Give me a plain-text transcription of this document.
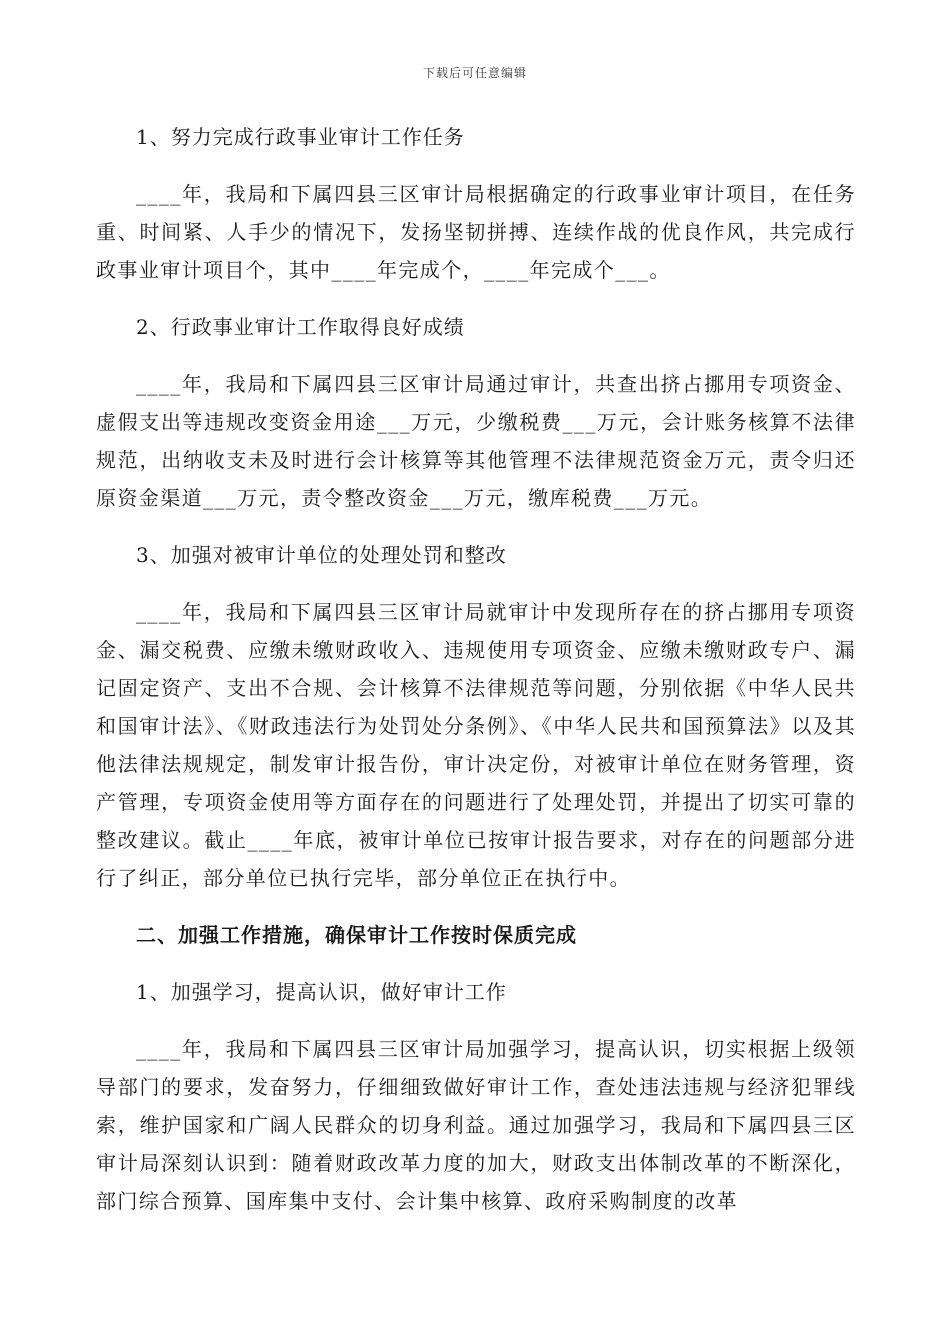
下载后可任意编辑
1、努力完成行政事业审计工作任务

____年，我局和下属四县三区审计局根据确定的行政事业审计项目，在任务重、时间紧、人手少的情况下，发扬坚韧拼搏、连续作战的优良作风，共完成行政事业审计项目个，其中____年完成个，____年完成个___。

2、行政事业审计工作取得良好成绩

____年，我局和下属四县三区审计局通过审计，共查出挤占挪用专项资金、虚假支出等违规改变资金用途___万元，少缴税费___万元，会计账务核算不法律规范，出纳收支未及时进行会计核算等其他管理不法律规范资金万元，责令归还原资金渠道___万元，责令整改资金___万元，缴库税费___万元。

3、加强对被审计单位的处理处罚和整改

____年，我局和下属四县三区审计局就审计中发现所存在的挤占挪用专项资金、漏交税费、应缴未缴财政收入、违规使用专项资金、应缴未缴财政专户、漏记固定资产、支出不合规、会计核算不法律规范等问题，分别依据《中华人民共和国审计法》、《财政违法行为处罚处分条例》、《中华人民共和国预算法》以及其他法律法规规定，制发审计报告份，审计决定份，对被审计单位在财务管理，资产管理，专项资金使用等方面存在的问题进行了处理处罚，并提出了切实可靠的整改建议。截止____年底，被审计单位已按审计报告要求，对存在的问题部分进行了纠正，部分单位已执行完毕，部分单位正在执行中。

二、加强工作措施，确保审计工作按时保质完成
1、加强学习，提高认识，做好审计工作

____年，我局和下属四县三区审计局加强学习，提高认识，切实根据上级领导部门的要求，发奋努力，仔细细致做好审计工作，查处违法违规与经济犯罪线索，维护国家和广阔人民群众的切身利益。通过加强学习，我局和下属四县三区审计局深刻认识到：随着财政改革力度的加大，财政支出体制改革的不断深化，部门综合预算、国库集中支付、会计集中核算、政府采购制度的改革
